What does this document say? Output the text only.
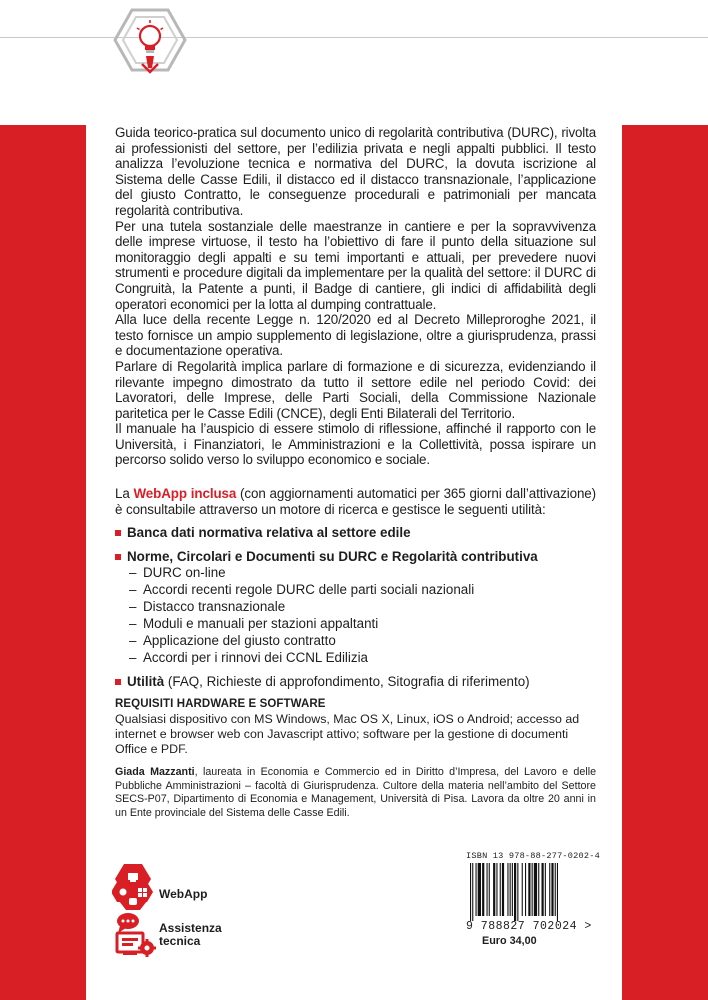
Guida teorico-pratica sul documento unico di regolarità contributiva (DURC), rivolta ai professionisti del settore, per l’edilizia privata e negli appalti pubblici. Il testo analizza l’evoluzione tecnica e normativa del DURC, la dovuta iscrizione al Sistema delle Casse Edili, il distacco ed il distacco transnazionale, l’applicazione del giusto Contratto, le conseguenze procedurali e patrimoniali per mancata regolarità contributiva.

Per una tutela sostanziale delle maestranze in cantiere e per la sopravvivenza delle imprese virtuose, il testo ha l’obiettivo di fare il punto della situazione sul monitoraggio degli appalti e su temi importanti e attuali, per prevedere nuovi strumenti e procedure digitali da implementare per la qualità del settore: il DURC di Congruità, la Patente a punti, il Badge di cantiere, gli indici di affidabilità degli operatori economici per la lotta al dumping contrattuale.

Alla luce della recente Legge n. 120/2020 ed al Decreto Milleproroghe 2021, il testo fornisce un ampio supplemento di legislazione, oltre a giurisprudenza, prassi e documentazione operativa.

Parlare di Regolarità implica parlare di formazione e di sicurezza, evidenziando il rilevante impegno dimostrato da tutto il settore edile nel periodo Covid: dei Lavoratori, delle Imprese, delle Parti Sociali, della Commissione Nazionale paritetica per le Casse Edili (CNCE), degli Enti Bilaterali del Territorio.

Il manuale ha l’auspicio di essere stimolo di riflessione, affinché il rapporto con le Università, i Finanziatori, le Amministrazioni e la Collettività, possa ispirare un percorso solido verso lo sviluppo economico e sociale.

La WebApp inclusa (con aggiornamenti automatici per 365 giorni dall’attivazione) è consultabile attraverso un motore di ricerca e gestisce le seguenti utilità:

Banca dati normativa relativa al settore edile
Norme, Circolari e Documenti su DURC e Regolarità contributiva
– DURC on-line
– Accordi recenti regole DURC delle parti sociali nazionali
– Distacco transnazionale
– Moduli e manuali per stazioni appaltanti
– Applicazione del giusto contratto
– Accordi per i rinnovi dei CCNL Edilizia
Utilità (FAQ, Richieste di approfondimento, Sitografia di riferimento)
REQUISITI HARDWARE E SOFTWARE
Qualsiasi dispositivo con MS Windows, Mac OS X, Linux, iOS o Android; accesso ad internet e browser web con Javascript attivo; software per la gestione di documenti Office e PDF.
Giada Mazzanti, laureata in Economia e Commercio ed in Diritto d’Impresa, del Lavoro e delle Pubbliche Amministrazioni – facoltà di Giurisprudenza. Cultore della materia nell’ambito del Settore SECS-P07, Dipartimento di Economia e Management, Università di Pisa. Lavora da oltre 20 anni in un Ente provinciale del Sistema delle Casse Edili.
WebApp
Assistenza
tecnica
ISBN 13 978-88-277-0202-4
9 788827 702024 >
Euro 34,00
